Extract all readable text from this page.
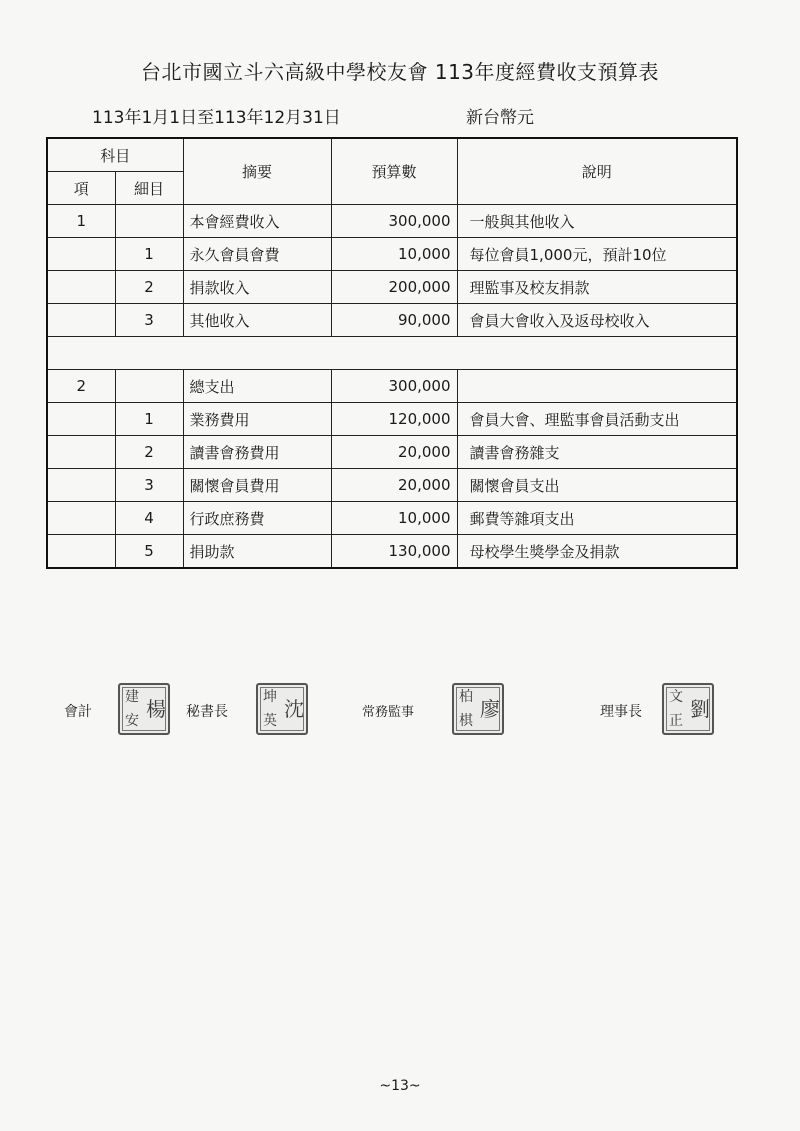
台北市國立斗六高級中學校友會 113年度經費收支預算表
113年1月1日至113年12月31日	新台幣元
科目		摘要	預算數	說明
項	細目			
1		本會經費收入	300,000	一般與其他收入
	1	永久會員會費	10,000	每位會員1,000元，預計10位
	2	捐款收入	200,000	理監事及校友捐款
	3	其他收入	90,000	會員大會收入及返母校收入

2		總支出	300,000	
	1	業務費用	120,000	會員大會、理監事會員活動支出
	2	讀書會務費用	20,000	讀書會務雜支
	3	關懷會員費用	20,000	關懷會員支出
	4	行政庶務費	10,000	郵費等雜項支出
	5	捐助款	130,000	母校學生獎學金及捐款
會計
建 楊
安
秘書長
坤 沈
英
常務監事
柏 廖
棋
理事長
文 劉
正
~13~
